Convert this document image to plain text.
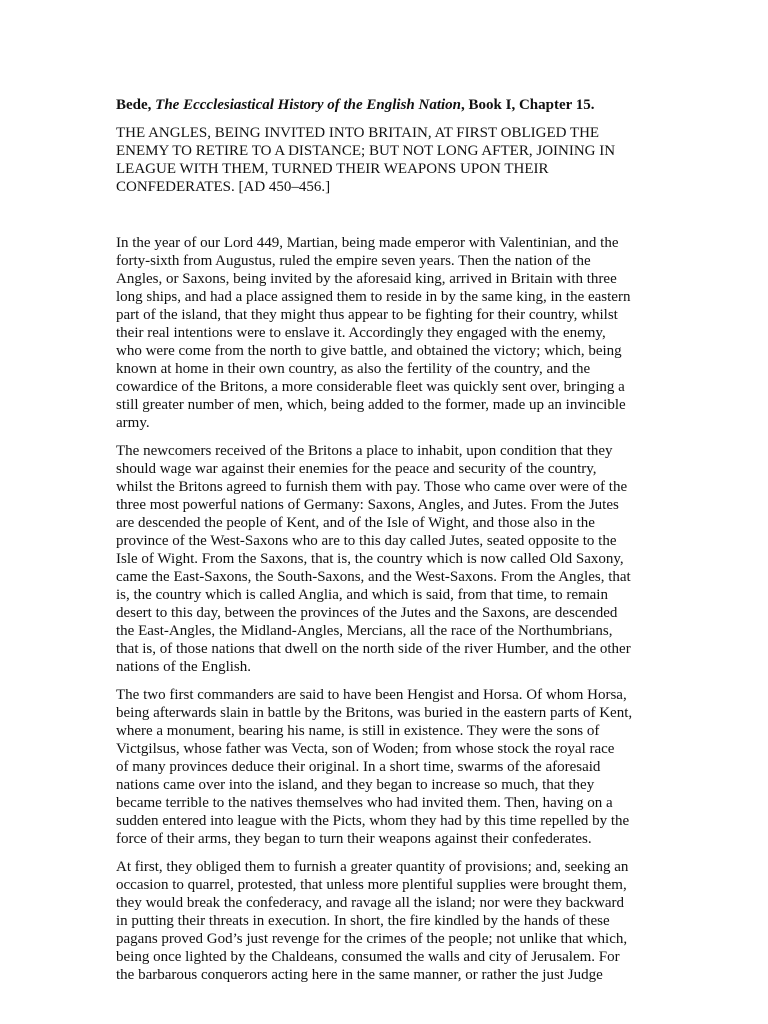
Bede, The Eccclesiastical History of the English Nation, Book I, Chapter 15.

THE ANGLES, BEING INVITED INTO BRITAIN, AT FIRST OBLIGED THE
ENEMY TO RETIRE TO A DISTANCE; BUT NOT LONG AFTER, JOINING IN
LEAGUE WITH THEM, TURNED THEIR WEAPONS UPON THEIR
CONFEDERATES. [AD 450–456.]

In the year of our Lord 449, Martian, being made emperor with Valentinian, and the
forty-sixth from Augustus, ruled the empire seven years. Then the nation of the
Angles, or Saxons, being invited by the aforesaid king, arrived in Britain with three
long ships, and had a place assigned them to reside in by the same king, in the eastern
part of the island, that they might thus appear to be fighting for their country, whilst
their real intentions were to enslave it. Accordingly they engaged with the enemy,
who were come from the north to give battle, and obtained the victory; which, being
known at home in their own country, as also the fertility of the country, and the
cowardice of the Britons, a more considerable fleet was quickly sent over, bringing a
still greater number of men, which, being added to the former, made up an invincible
army.

The newcomers received of the Britons a place to inhabit, upon condition that they
should wage war against their enemies for the peace and security of the country,
whilst the Britons agreed to furnish them with pay. Those who came over were of the
three most powerful nations of Germany: Saxons, Angles, and Jutes. From the Jutes
are descended the people of Kent, and of the Isle of Wight, and those also in the
province of the West-Saxons who are to this day called Jutes, seated opposite to the
Isle of Wight. From the Saxons, that is, the country which is now called Old Saxony,
came the East-Saxons, the South-Saxons, and the West-Saxons. From the Angles, that
is, the country which is called Anglia, and which is said, from that time, to remain
desert to this day, between the provinces of the Jutes and the Saxons, are descended
the East-Angles, the Midland-Angles, Mercians, all the race of the Northumbrians,
that is, of those nations that dwell on the north side of the river Humber, and the other
nations of the English.

The two first commanders are said to have been Hengist and Horsa. Of whom Horsa,
being afterwards slain in battle by the Britons, was buried in the eastern parts of Kent,
where a monument, bearing his name, is still in existence. They were the sons of
Victgilsus, whose father was Vecta, son of Woden; from whose stock the royal race
of many provinces deduce their original. In a short time, swarms of the aforesaid
nations came over into the island, and they began to increase so much, that they
became terrible to the natives themselves who had invited them. Then, having on a
sudden entered into league with the Picts, whom they had by this time repelled by the
force of their arms, they began to turn their weapons against their confederates.

At first, they obliged them to furnish a greater quantity of provisions; and, seeking an
occasion to quarrel, protested, that unless more plentiful supplies were brought them,
they would break the confederacy, and ravage all the island; nor were they backward
in putting their threats in execution. In short, the fire kindled by the hands of these
pagans proved God’s just revenge for the crimes of the people; not unlike that which,
being once lighted by the Chaldeans, consumed the walls and city of Jerusalem. For
the barbarous conquerors acting here in the same manner, or rather the just Judge
